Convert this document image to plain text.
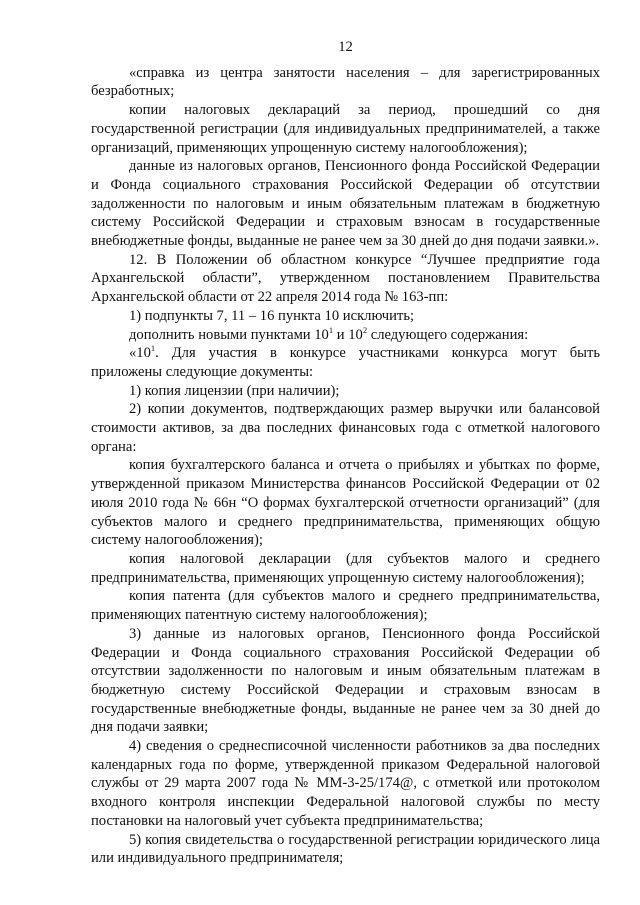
12

«справка из центра занятости населения – для зарегистрированных безработных;

копии налоговых деклараций за период, прошедший со дня государственной регистрации (для индивидуальных предпринимателей, а также организаций, применяющих упрощенную систему налогообложения);

данные из налоговых органов, Пенсионного фонда Российской Федерации и Фонда социального страхования Российской Федерации об отсутствии задолженности по налоговым и иным обязательным платежам в бюджетную систему Российской Федерации и страховым взносам в государственные внебюджетные фонды, выданные не ранее чем за 30 дней до дня подачи заявки.».

12. В Положении об областном конкурсе “Лучшее предприятие года Архангельской области”, утвержденном постановлением Правительства Архангельской области от 22 апреля 2014 года № 163-пп:

1) подпункты 7, 11 – 16 пункта 10 исключить;

дополнить новыми пунктами $10^1$ и $10^2$ следующего содержания:

«$10^1$. Для участия в конкурсе участниками конкурса могут быть приложены следующие документы:

1) копия лицензии (при наличии);

2) копии документов, подтверждающих размер выручки или балансовой стоимости активов, за два последних финансовых года с отметкой налогового органа:

копия бухгалтерского баланса и отчета о прибылях и убытках по форме, утвержденной приказом Министерства финансов Российской Федерации от 02 июля 2010 года № 66н “О формах бухгалтерской отчетности организаций” (для субъектов малого и среднего предпринимательства, применяющих общую систему налогообложения);

копия налоговой декларации (для субъектов малого и среднего предпринимательства, применяющих упрощенную систему налогообложения);

копия патента (для субъектов малого и среднего предпринимательства, применяющих патентную систему налогообложения);

3) данные из налоговых органов, Пенсионного фонда Российской Федерации и Фонда социального страхования Российской Федерации об отсутствии задолженности по налоговым и иным обязательным платежам в бюджетную систему Российской Федерации и страховым взносам в государственные внебюджетные фонды, выданные не ранее чем за 30 дней до дня подачи заявки;

4) сведения о среднесписочной численности работников за два последних календарных года по форме, утвержденной приказом Федеральной налоговой службы от 29 марта 2007 года № ММ-3-25/174@, с отметкой или протоколом входного контроля инспекции Федеральной налоговой службы по месту постановки на налоговый учет субъекта предпринимательства;

5) копия свидетельства о государственной регистрации юридического лица или индивидуального предпринимателя;
